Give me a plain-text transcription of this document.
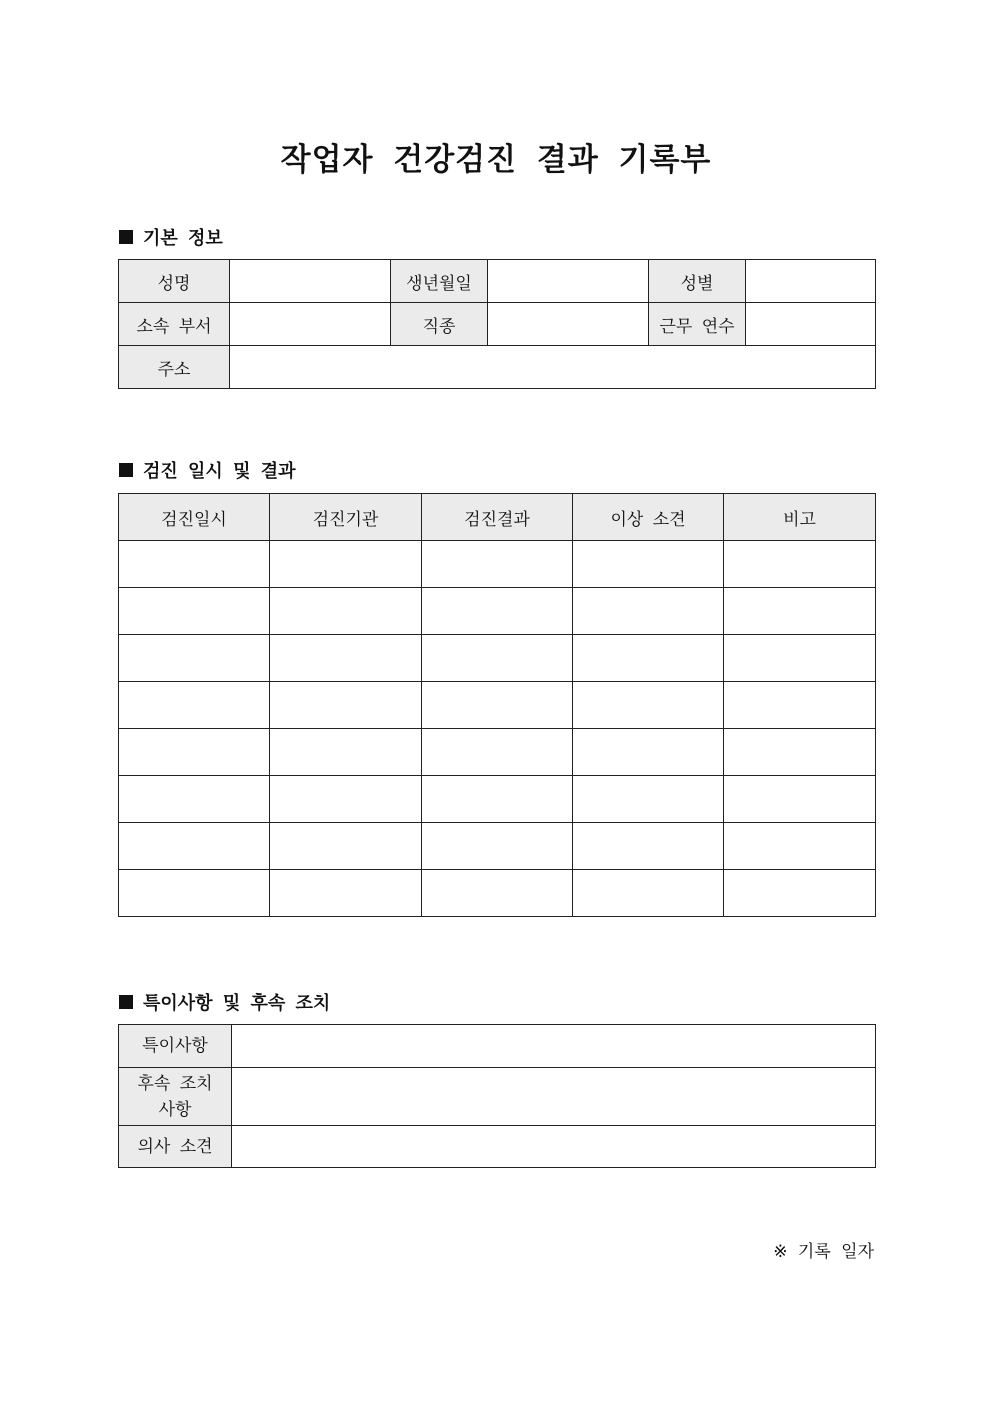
작업자 건강검진 결과 기록부
기본 정보
성명		생년월일		성별	
소속 부서		직종		근무 연수	
주소					
검진 일시 및 결과
검진일시	검진기관	검진결과	이상 소견	비고

특이사항 및 후속 조치
특이사항	

후속 조치
사항	

의사 소견	
※ 기록 일자
